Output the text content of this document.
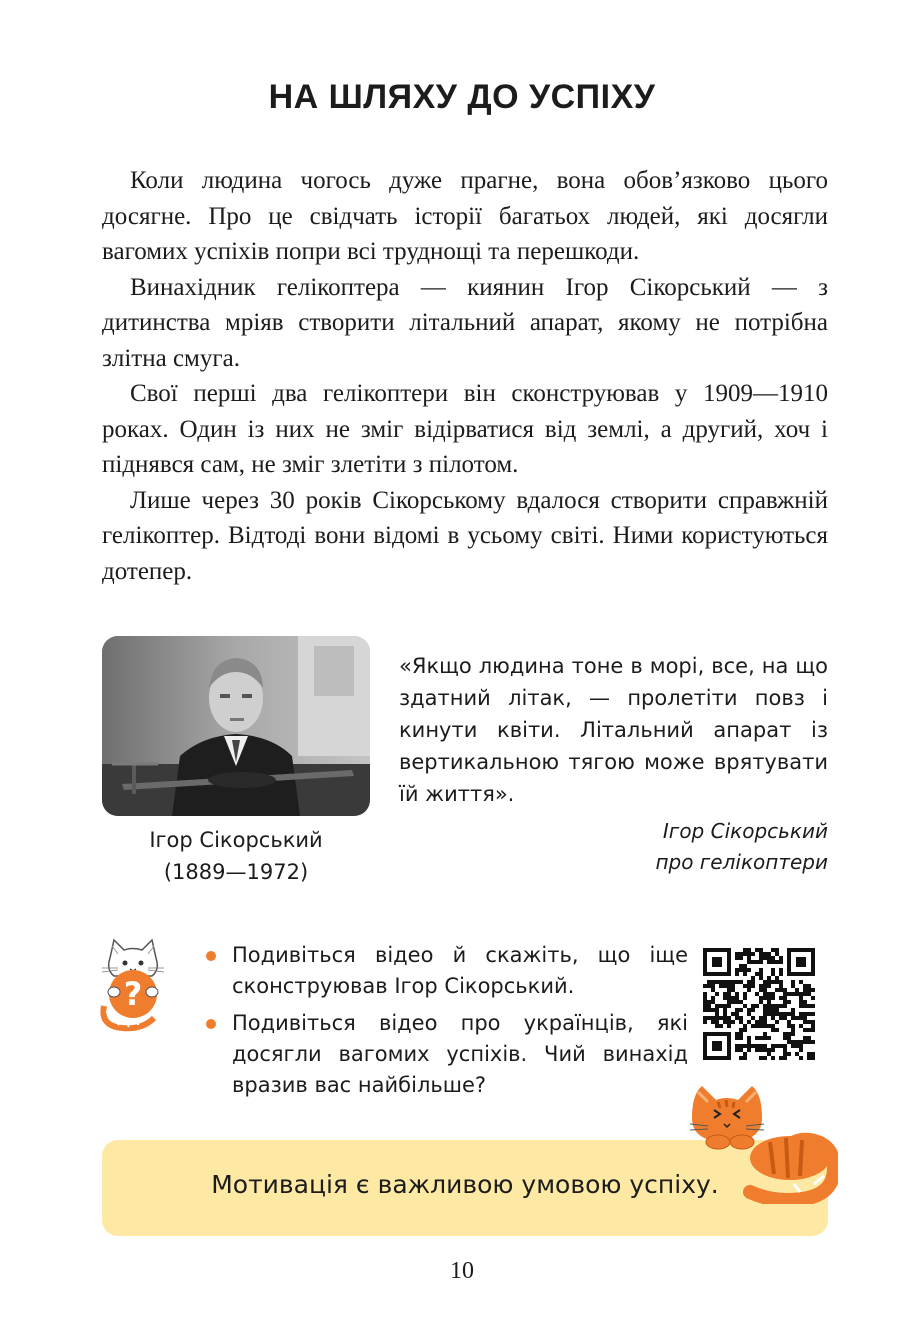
НА ШЛЯХУ ДО УСПІХУ

Коли людина чогось дуже прагне, вона обов’язково цього досягне. Про це свідчать історії багатьох людей, які досягли вагомих успіхів попри всі труднощі та перешкоди.

Винахідник гелікоптера — киянин Ігор Сікорський — з дитинства мріяв створити літальний апарат, якому не потрібна злітна смуга.

Свої перші два гелікоптери він сконструював у 1909—1910 роках. Один із них не зміг відірватися від землі, а другий, хоч і піднявся сам, не зміг злетіти з пілотом.

Лише через 30 років Сікорському вдалося створити справжній гелікоптер. Відтоді вони відомі в усьому світі. Ними користуються дотепер.

Ігор Сікорський
(1889—1972)
«Якщо людина тоне в морі, все, на що здатний літак, — пролетіти повз і кинути квіти. Літальний апарат із вертикальною тягою може врятувати їй життя».
Ігор Сікорський
про гелікоптери
?
Подивіться відео й скажіть, що іще сконструював Ігор Сікорський.
Подивіться відео про українців, які досягли вагомих успіхів. Чий винахід вразив вас найбільше?
Мотивація є важливою умовою успіху.
10
